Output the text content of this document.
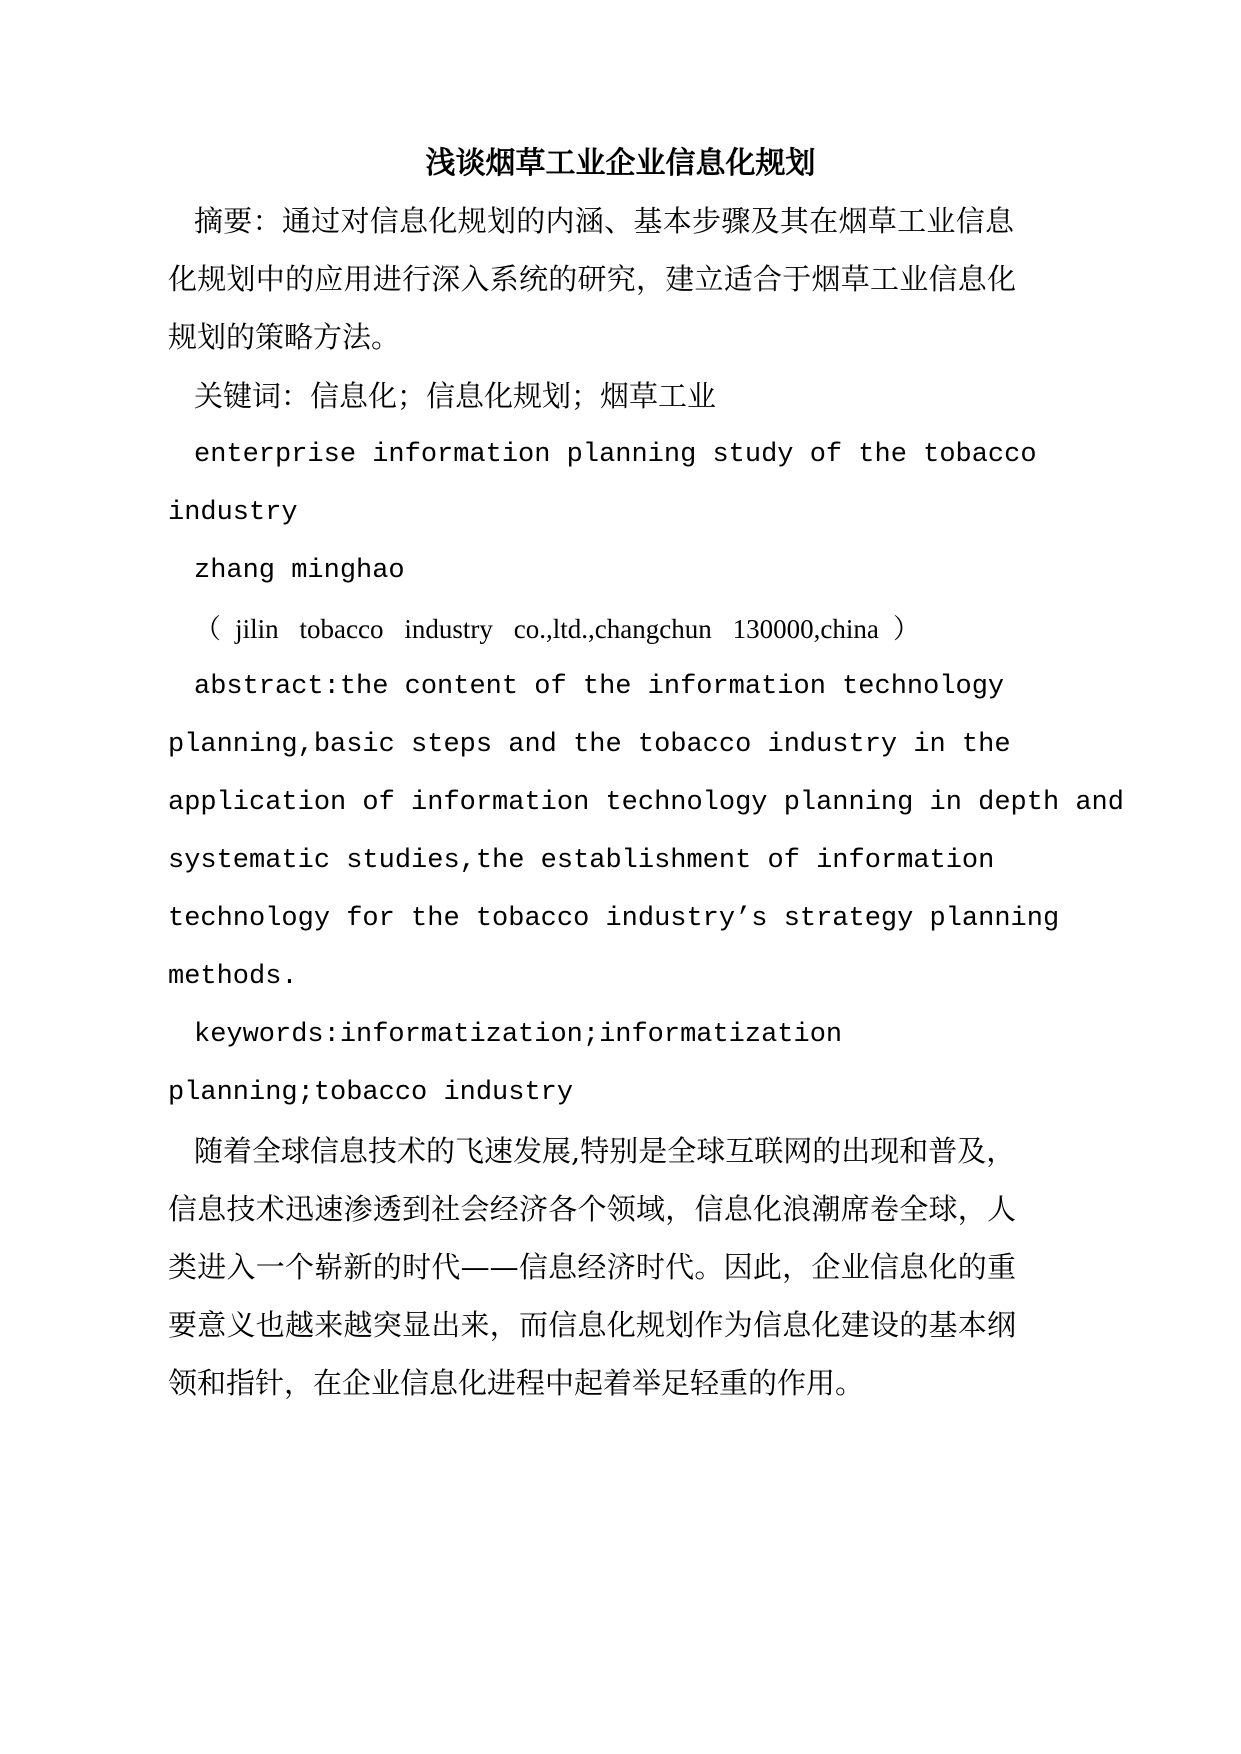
浅谈烟草工业企业信息化规划
摘要：通过对信息化规划的内涵、基本步骤及其在烟草工业信息
化规划中的应用进行深入系统的研究，建立适合于烟草工业信息化
规划的策略方法。
关键词：信息化；信息化规划；烟草工业
enterprise information planning study of the tobacco
industry
zhang minghao
（jilin tobacco industry co.,ltd.,changchun 130000,china）
abstract:the content of the information technology
planning,basic steps and the tobacco industry in the
application of information technology planning in depth and
systematic studies,the establishment of information
technology for the tobacco industry’s strategy planning
methods.
keywords:informatization;informatization
planning;tobacco industry
随着全球信息技术的飞速发展,特别是全球互联网的出现和普及，
信息技术迅速渗透到社会经济各个领域，信息化浪潮席卷全球，人
类进入一个崭新的时代——信息经济时代。因此，企业信息化的重
要意义也越来越突显出来，而信息化规划作为信息化建设的基本纲
领和指针，在企业信息化进程中起着举足轻重的作用。
